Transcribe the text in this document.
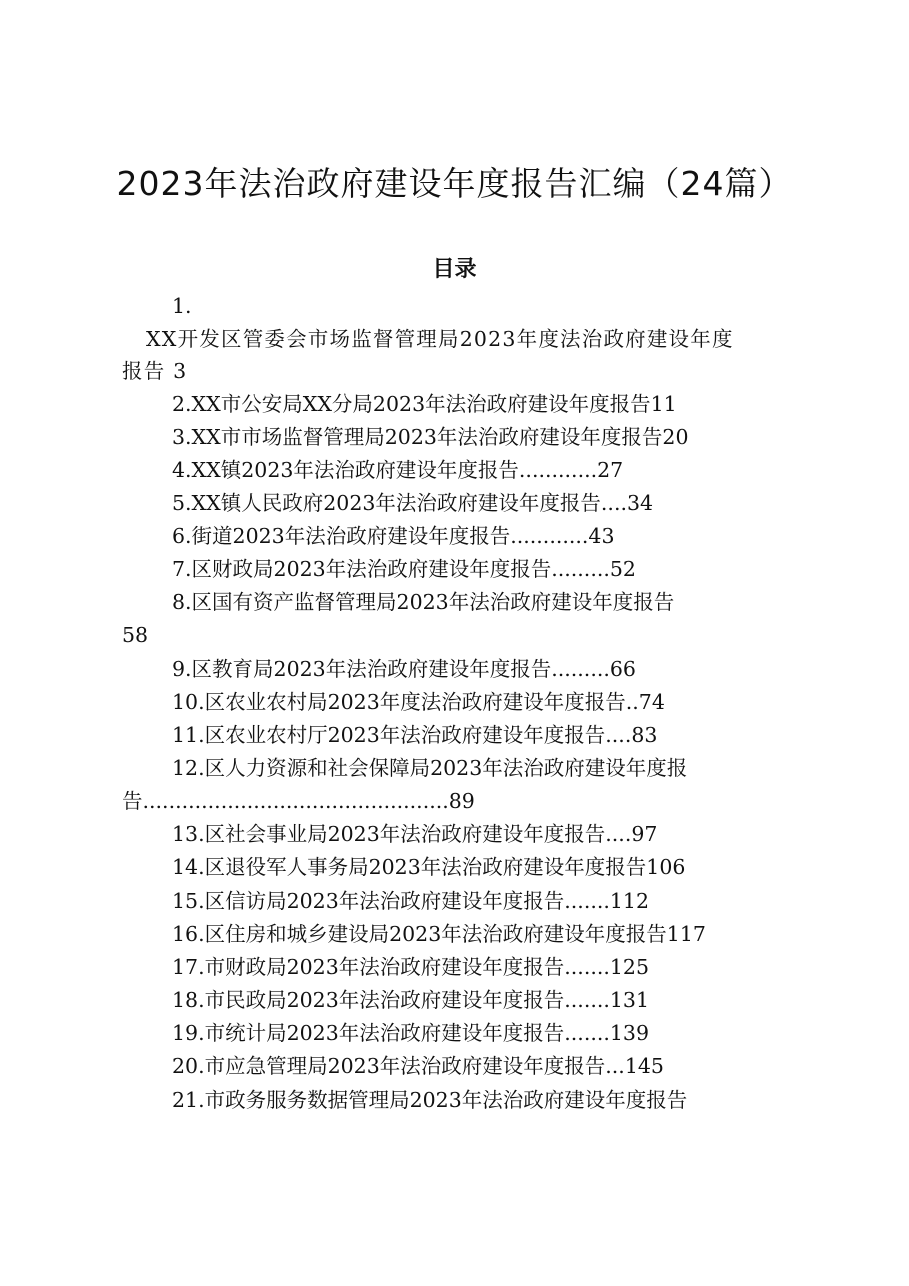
2023年法治政府建设年度报告汇编（24篇）
目录
1.
XX开发区管委会市场监督管理局2023年度法治政府建设年度
报告 3
2.XX市公安局XX分局2023年法治政府建设年度报告11
3.XX市市场监督管理局2023年法治政府建设年度报告20
4.XX镇2023年法治政府建设年度报告............27
5.XX镇人民政府2023年法治政府建设年度报告....34
6.街道2023年法治政府建设年度报告............43
7.区财政局2023年法治政府建设年度报告.........52
8.区国有资产监督管理局2023年法治政府建设年度报告
58
9.区教育局2023年法治政府建设年度报告.........66
10.区农业农村局2023年度法治政府建设年度报告..74
11.区农业农村厅2023年法治政府建设年度报告....83
12.区人力资源和社会保障局2023年法治政府建设年度报
告...............................................89
13.区社会事业局2023年法治政府建设年度报告....97
14.区退役军人事务局2023年法治政府建设年度报告106
15.区信访局2023年法治政府建设年度报告.......112
16.区住房和城乡建设局2023年法治政府建设年度报告117
17.市财政局2023年法治政府建设年度报告.......125
18.市民政局2023年法治政府建设年度报告.......131
19.市统计局2023年法治政府建设年度报告.......139
20.市应急管理局2023年法治政府建设年度报告...145
21.市政务服务数据管理局2023年法治政府建设年度报告
